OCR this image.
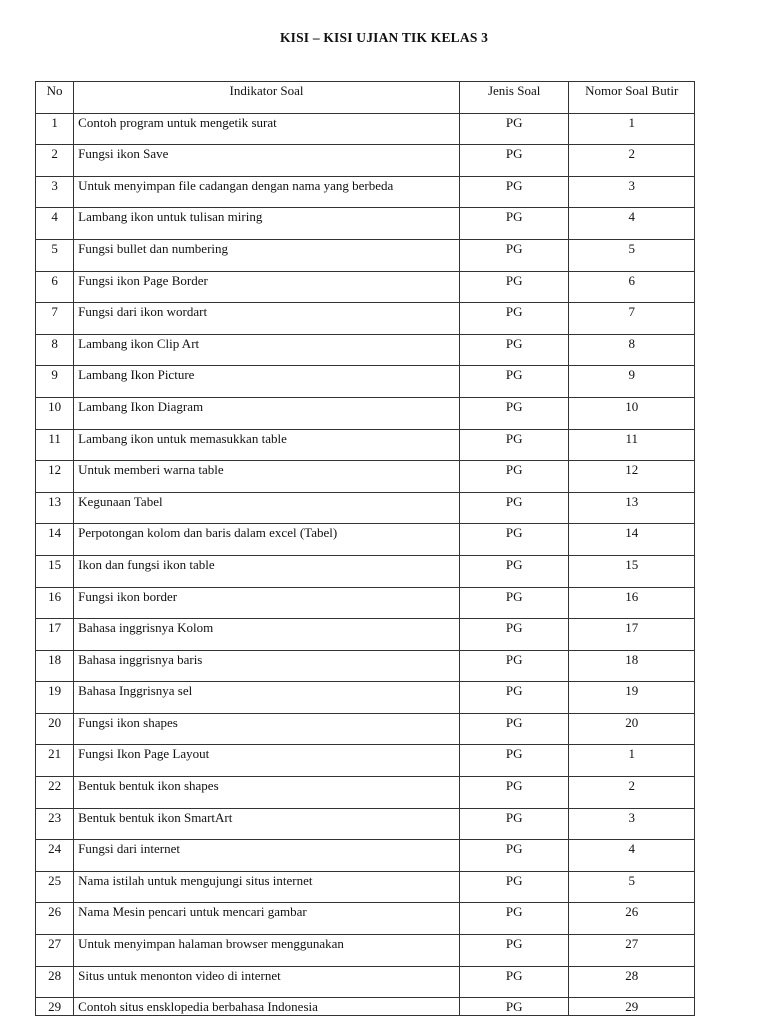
KISI – KISI UJIAN TIK KELAS 3
No	Indikator Soal	Jenis Soal	Nomor Soal Butir
1	Contoh program untuk mengetik surat	PG	1
2	Fungsi ikon Save	PG	2
3	Untuk menyimpan file cadangan dengan nama yang berbeda	PG	3
4	Lambang ikon untuk tulisan miring	PG	4
5	Fungsi bullet dan numbering	PG	5
6	Fungsi ikon Page Border	PG	6
7	Fungsi dari ikon wordart	PG	7
8	Lambang ikon Clip Art	PG	8
9	Lambang Ikon Picture	PG	9
10	Lambang Ikon Diagram	PG	10
11	Lambang ikon untuk memasukkan table	PG	11
12	Untuk memberi warna table	PG	12
13	Kegunaan Tabel	PG	13
14	Perpotongan kolom dan baris dalam excel (Tabel)	PG	14
15	Ikon dan fungsi ikon table	PG	15
16	Fungsi ikon border	PG	16
17	Bahasa inggrisnya Kolom	PG	17
18	Bahasa inggrisnya baris	PG	18
19	Bahasa Inggrisnya sel	PG	19
20	Fungsi ikon shapes	PG	20
21	Fungsi Ikon Page Layout	PG	1
22	Bentuk bentuk ikon shapes	PG	2
23	Bentuk bentuk ikon SmartArt	PG	3
24	Fungsi dari internet	PG	4
25	Nama istilah untuk mengujungi situs internet	PG	5
26	Nama Mesin pencari untuk mencari gambar	PG	26
27	Untuk menyimpan halaman browser menggunakan	PG	27
28	Situs untuk menonton video di internet	PG	28
29	Contoh situs ensklopedia berbahasa Indonesia	PG	29
